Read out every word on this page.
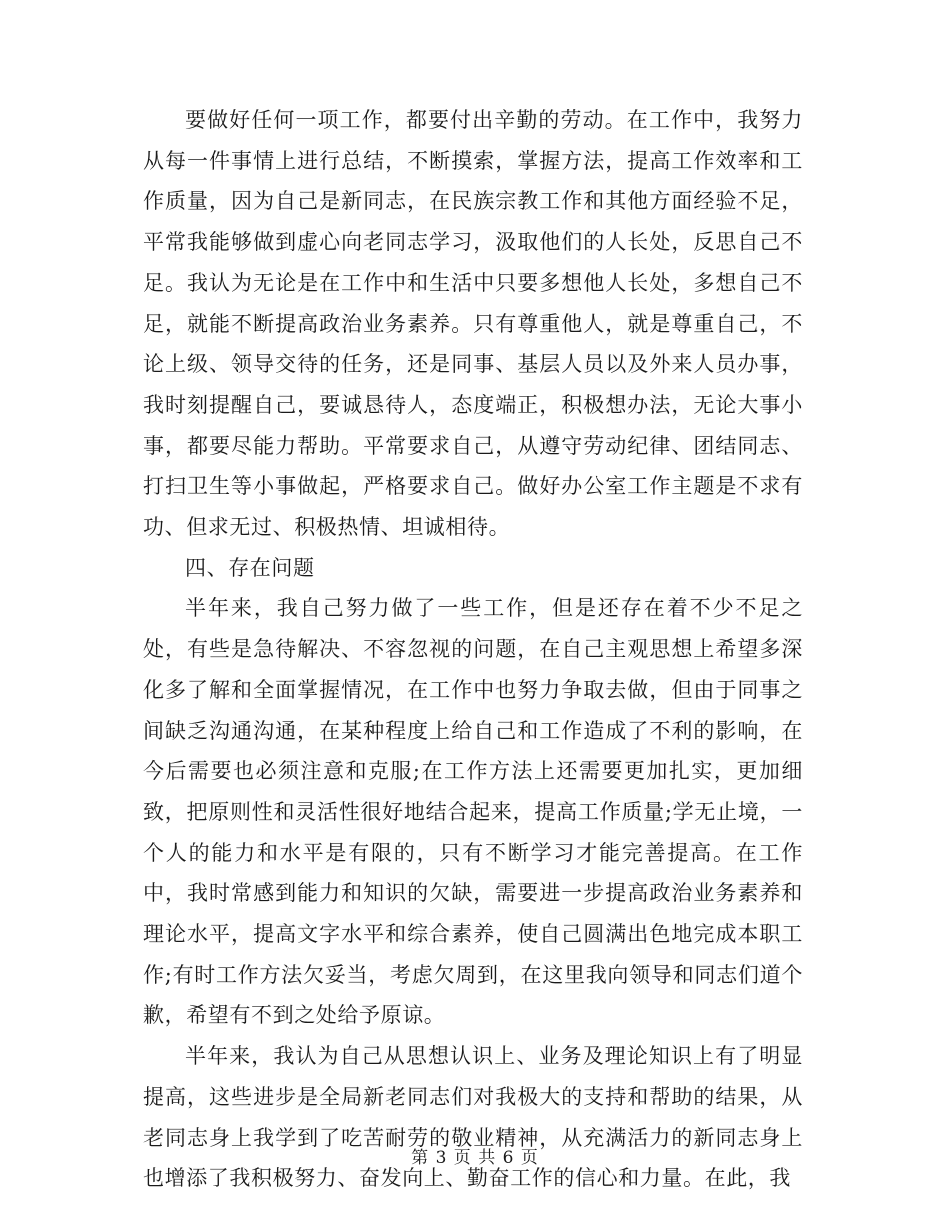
要做好任何一项工作，都要付出辛勤的劳动。在工作中，我努力从每一件事情上进行总结，不断摸索，掌握方法，提高工作效率和工作质量，因为自己是新同志，在民族宗教工作和其他方面经验不足，平常我能够做到虚心向老同志学习，汲取他们的人长处，反思自己不足。我认为无论是在工作中和生活中只要多想他人长处，多想自己不足，就能不断提高政治业务素养。只有尊重他人，就是尊重自己，不论上级、领导交待的任务，还是同事、基层人员以及外来人员办事，我时刻提醒自己，要诚恳待人，态度端正，积极想办法，无论大事小事，都要尽能力帮助。平常要求自己，从遵守劳动纪律、团结同志、打扫卫生等小事做起，严格要求自己。做好办公室工作主题是不求有功、但求无过、积极热情、坦诚相待。

四、存在问题

半年来，我自己努力做了一些工作，但是还存在着不少不足之处，有些是急待解决、不容忽视的问题，在自己主观思想上希望多深化多了解和全面掌握情况，在工作中也努力争取去做，但由于同事之间缺乏沟通沟通，在某种程度上给自己和工作造成了不利的影响，在今后需要也必须注意和克服;在工作方法上还需要更加扎实，更加细致，把原则性和灵活性很好地结合起来，提高工作质量;学无止境，一个人的能力和水平是有限的，只有不断学习才能完善提高。在工作中，我时常感到能力和知识的欠缺，需要进一步提高政治业务素养和理论水平，提高文字水平和综合素养，使自己圆满出色地完成本职工作;有时工作方法欠妥当，考虑欠周到，在这里我向领导和同志们道个歉，希望有不到之处给予原谅。

半年来，我认为自己从思想认识上、业务及理论知识上有了明显提高，这些进步是全局新老同志们对我极大的支持和帮助的结果，从老同志身上我学到了吃苦耐劳的敬业精神，从充满活力的新同志身上也增添了我积极努力、奋发向上、勤奋工作的信心和力量。在此，我

第 3 页 共 6 页
